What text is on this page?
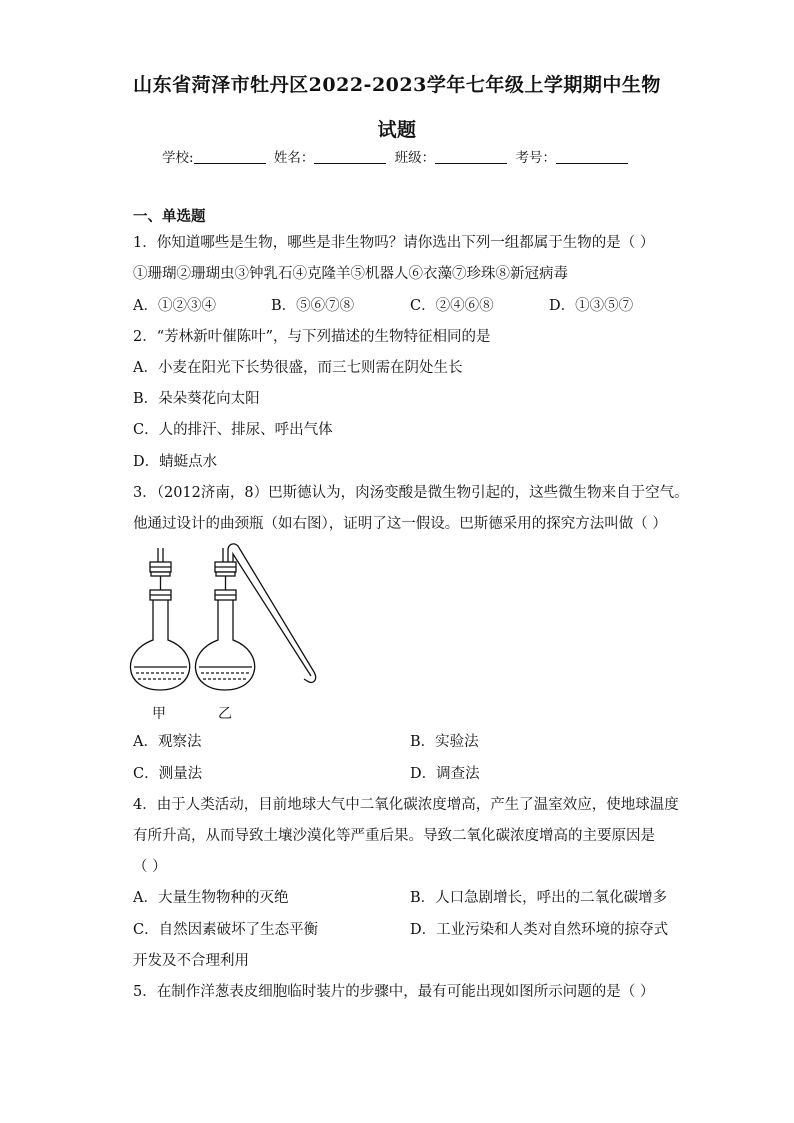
山东省菏泽市牡丹区2022-2023学年七年级上学期期中生物
试题
学校:	姓名：	班级：	考号：
一、单选题
1．你知道哪些是生物，哪些是非生物吗？请你选出下列一组都属于生物的是（ ）
①珊瑚②珊瑚虫③钟乳石④克隆羊⑤机器人⑥衣藻⑦珍珠⑧新冠病毒
A．①②③④	B．⑤⑥⑦⑧	C．②④⑥⑧	D．①③⑤⑦
2．“芳林新叶催陈叶”，与下列描述的生物特征相同的是
A．小麦在阳光下长势很盛，而三七则需在阴处生长
B．朵朵葵花向太阳
C．人的排汗、排尿、呼出气体
D．蜻蜓点水
3．（2012济南，8）巴斯德认为，肉汤变酸是微生物引起的，这些微生物来自于空气。
他通过设计的曲颈瓶（如右图），证明了这一假设。巴斯德采用的探究方法叫做（ ）
甲	乙
A．观察法	B．实验法
C．测量法	D．调查法
4．由于人类活动，目前地球大气中二氧化碳浓度增高，产生了温室效应，使地球温度
有所升高，从而导致土壤沙漠化等严重后果。导致二氧化碳浓度增高的主要原因是
（ ）
A．大量生物物种的灭绝	B．人口急剧增长，呼出的二氧化碳增多
C．自然因素破坏了生态平衡	D．工业污染和人类对自然环境的掠夺式
开发及不合理利用
5．在制作洋葱表皮细胞临时装片的步骤中，最有可能出现如图所示问题的是（ ）
